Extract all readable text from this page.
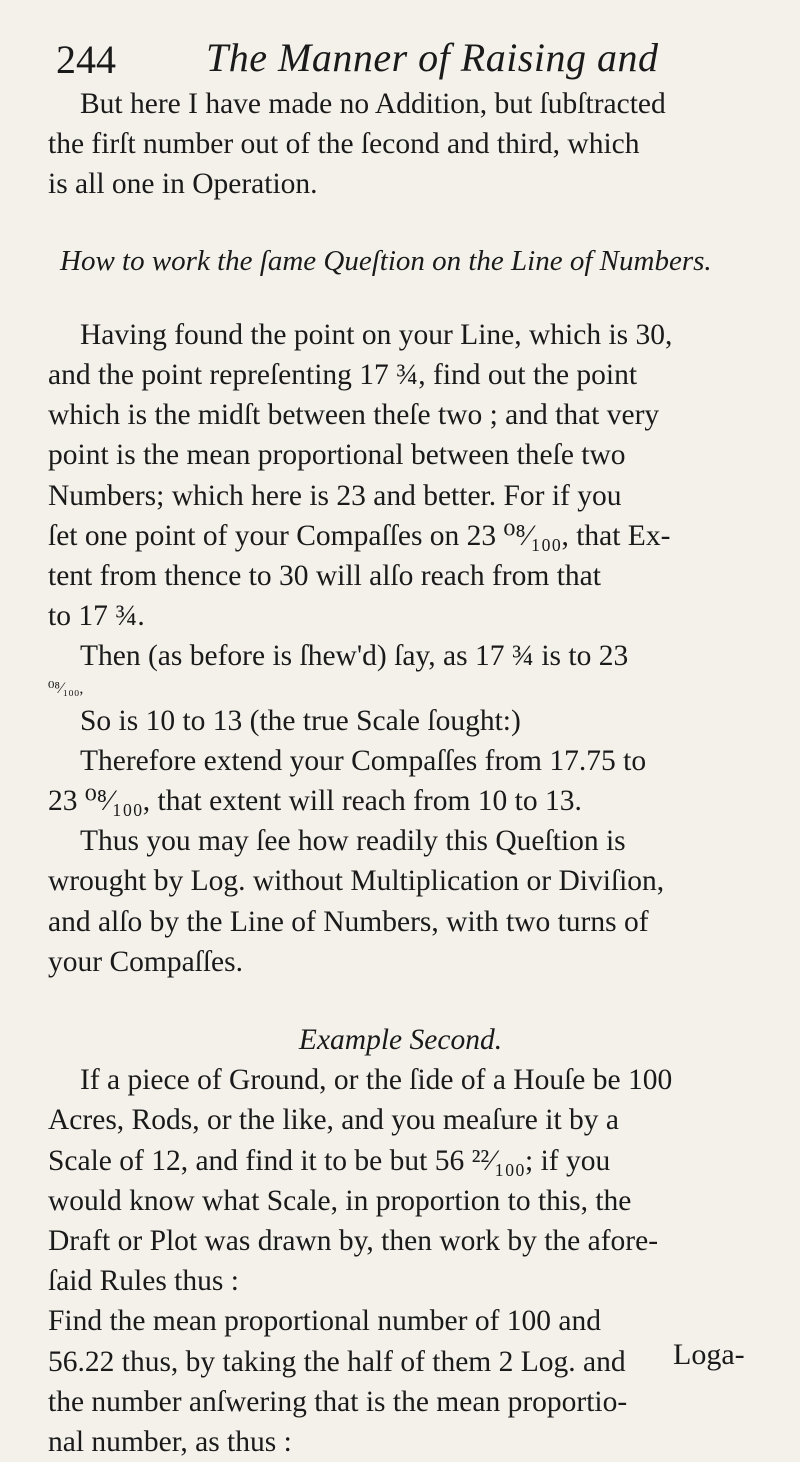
244 The Manner of Raising and
But here I have made no Addition, but ſubſtracted
the firſt number out of the ſecond and third, which
is all one in Operation.
How to work the ſame Queſtion on the Line of Numbers.
Having found the point on your Line, which is 30,
and the point repreſenting 17 ¾, find out the point
which is the midſt between theſe two ; and that very
point is the mean proportional between theſe two
Numbers; which here is 23 and better. For if you
ſet one point of your Compaſſes on 23 ⁰⁸⁄₁₀₀, that Ex-
tent from thence to 30 will alſo reach from that
to 17 ¾.
Then (as before is ſhew'd) ſay, as 17 ¾ is to 23
⁰⁸⁄₁₀₀,
So is 10 to 13 (the true Scale ſought:)
Therefore extend your Compaſſes from 17.75 to
23 ⁰⁸⁄₁₀₀, that extent will reach from 10 to 13.
Thus you may ſee how readily this Queſtion is
wrought by Log. without Multiplication or Diviſion,
and alſo by the Line of Numbers, with two turns of
your Compaſſes.
Example Second.
If a piece of Ground, or the ſide of a Houſe be 100
Acres, Rods, or the like, and you meaſure it by a
Scale of 12, and find it to be but 56 ²²⁄₁₀₀; if you
would know what Scale, in proportion to this, the
Draft or Plot was drawn by, then work by the afore-
ſaid Rules thus :
Find the mean proportional number of 100 and
56.22 thus, by taking the half of them 2 Log. and
the number anſwering that is the mean proportio-
nal number, as thus :
Loga-
